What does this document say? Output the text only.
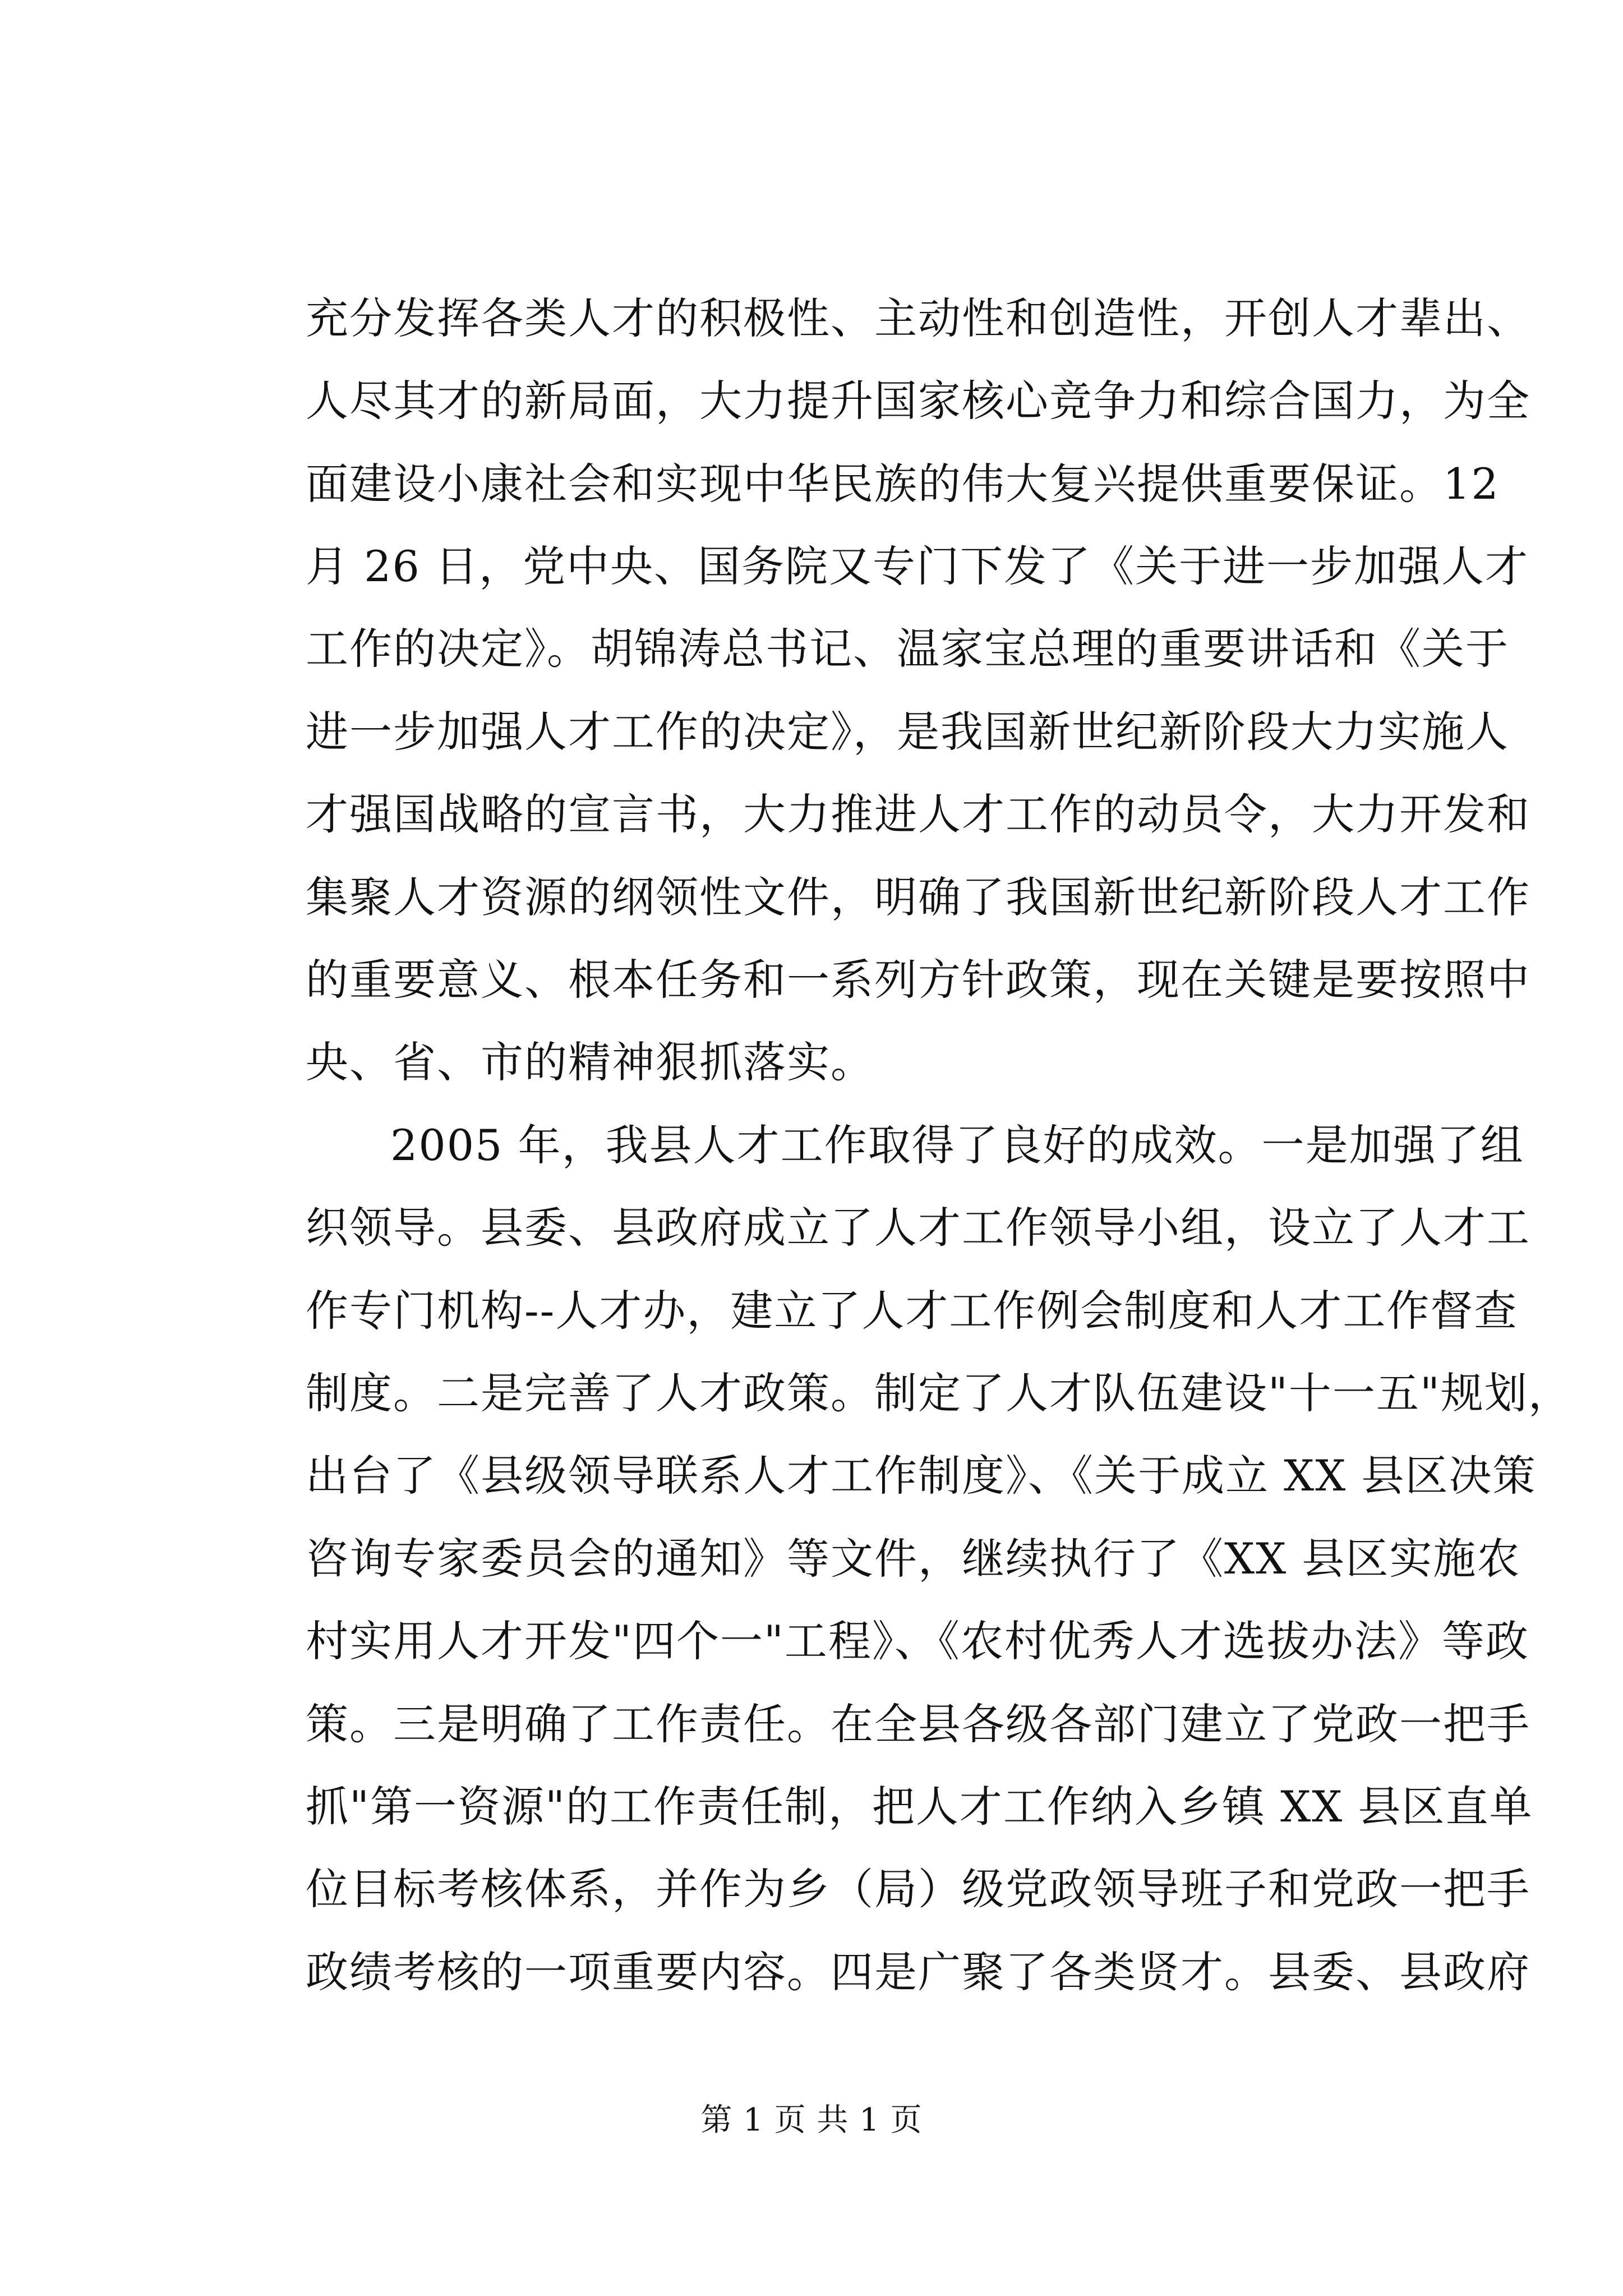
充分发挥各类人才的积极性、主动性和创造性，开创人才辈出、
人尽其才的新局面，大力提升国家核心竞争力和综合国力，为全
面建设小康社会和实现中华民族的伟大复兴提供重要保证。12
月 26 日，党中央、国务院又专门下发了《关于进一步加强人才
工作的决定》。胡锦涛总书记、温家宝总理的重要讲话和《关于
进一步加强人才工作的决定》，是我国新世纪新阶段大力实施人
才强国战略的宣言书，大力推进人才工作的动员令，大力开发和
集聚人才资源的纲领性文件，明确了我国新世纪新阶段人才工作
的重要意义、根本任务和一系列方针政策，现在关键是要按照中
央、省、市的精神狠抓落实。
2005 年，我县人才工作取得了良好的成效。一是加强了组
织领导。县委、县政府成立了人才工作领导小组，设立了人才工
作专门机构--人才办，建立了人才工作例会制度和人才工作督查
制度。二是完善了人才政策。制定了人才队伍建设"十一五"规划，
出台了《县级领导联系人才工作制度》、《关于成立 XX 县区决策
咨询专家委员会的通知》等文件，继续执行了《XX 县区实施农
村实用人才开发"四个一"工程》、《农村优秀人才选拔办法》等政
策。三是明确了工作责任。在全县各级各部门建立了党政一把手
抓"第一资源"的工作责任制，把人才工作纳入乡镇 XX 县区直单
位目标考核体系，并作为乡（局）级党政领导班子和党政一把手
政绩考核的一项重要内容。四是广聚了各类贤才。县委、县政府
第 1 页 共 1 页
